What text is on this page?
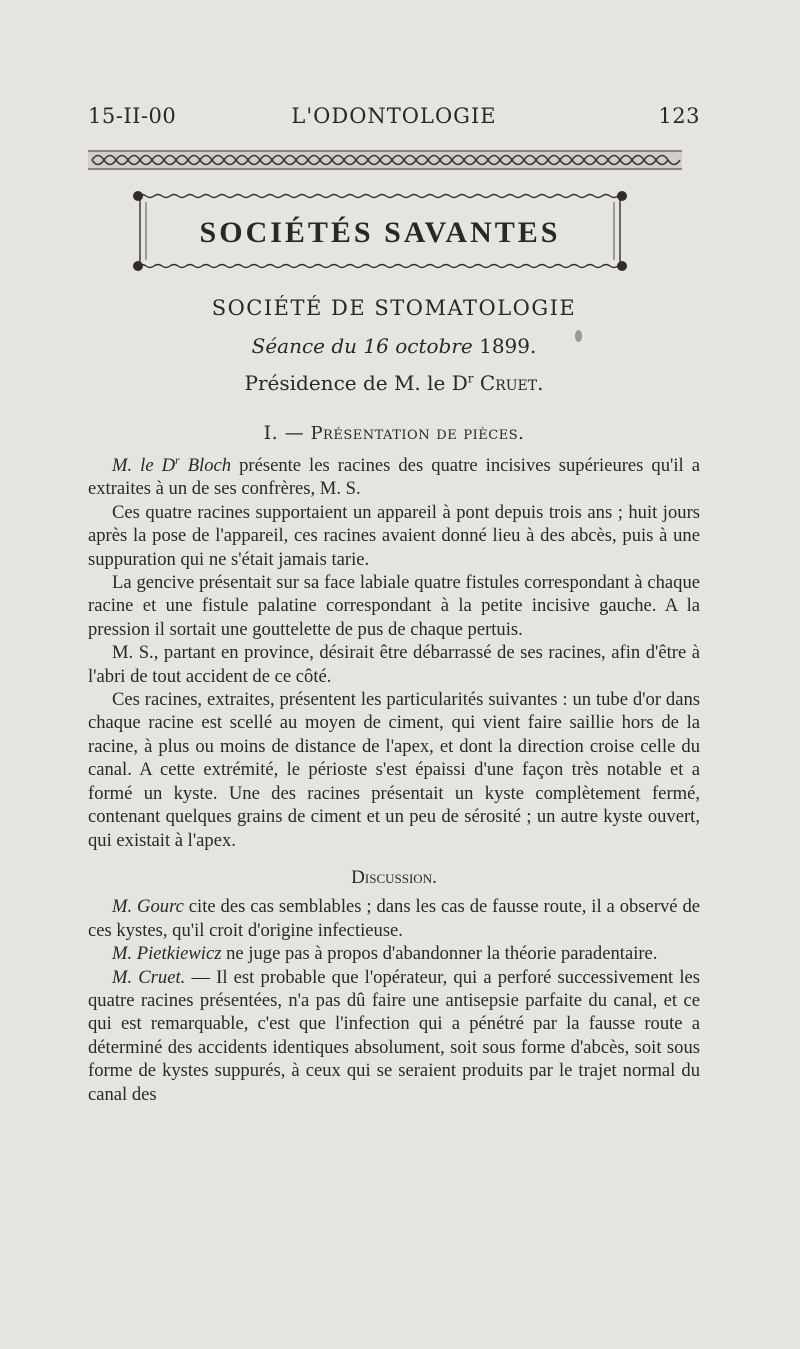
15-II-00	L'ODONTOLOGIE	123
SOCIÉTÉS SAVANTES
SOCIÉTÉ DE STOMATOLOGIE
Séance du 16 octobre 1899.
Présidence de M. le $D^r$ Cruet.
I. — Présentation de pièces.

M. le $D^r$ Bloch présente les racines des quatre incisives supérieures qu'il a extraites à un de ses confrères, M. S.

Ces quatre racines supportaient un appareil à pont depuis trois ans ; huit jours après la pose de l'appareil, ces racines avaient donné lieu à des abcès, puis à une suppuration qui ne s'était jamais tarie.

La gencive présentait sur sa face labiale quatre fistules correspondant à chaque racine et une fistule palatine correspondant à la petite incisive gauche. A la pression il sortait une gouttelette de pus de chaque pertuis.

M. S., partant en province, désirait être débarrassé de ses racines, afin d'être à l'abri de tout accident de ce côté.

Ces racines, extraites, présentent les particularités suivantes : un tube d'or dans chaque racine est scellé au moyen de ciment, qui vient faire saillie hors de la racine, à plus ou moins de distance de l'apex, et dont la direction croise celle du canal. A cette extrémité, le périoste s'est épaissi d'une façon très notable et a formé un kyste. Une des racines présentait un kyste complètement fermé, contenant quelques grains de ciment et un peu de sérosité ; un autre kyste ouvert, qui existait à l'apex.

Discussion.

M. Gourc cite des cas semblables ; dans les cas de fausse route, il a observé de ces kystes, qu'il croit d'origine infectieuse.

M. Pietkiewicz ne juge pas à propos d'abandonner la théorie paradentaire.

M. Cruet. — Il est probable que l'opérateur, qui a perforé successivement les quatre racines présentées, n'a pas dû faire une antisepsie parfaite du canal, et ce qui est remarquable, c'est que l'infection qui a pénétré par la fausse route a déterminé des accidents identiques absolument, soit sous forme d'abcès, soit sous forme de kystes suppurés, à ceux qui se seraient produits par le trajet normal du canal des
